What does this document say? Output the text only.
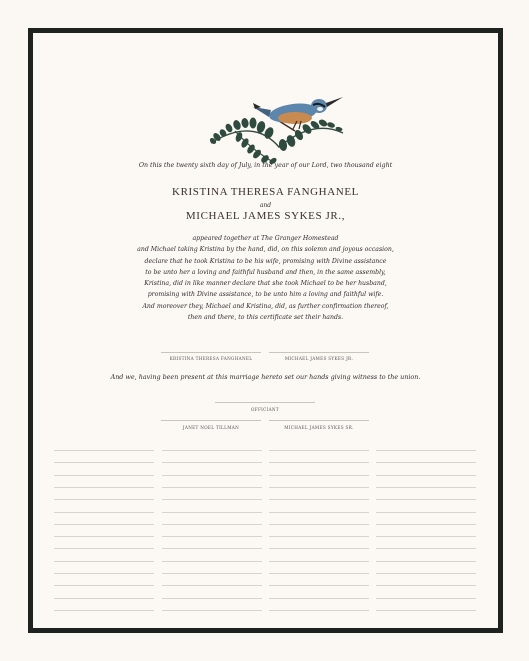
On this the twenty sixth day of July, in the year of our Lord, two thousand eight
KRISTINA THERESA FANGHANEL
and
MICHAEL JAMES SYKES JR.,
appeared together at The Granger Homestead
and Michael taking Kristina by the hand, did, on this solemn and joyous occasion,
declare that he took Kristina to be his wife, promising with Divine assistance
to be unto her a loving and faithful husband and then, in the same assembly,
Kristina, did in like manner declare that she took Michael to be her husband,
promising with Divine assistance, to be unto him a loving and faithful wife.
And moreover they, Michael and Kristina, did, as further confirmation thereof,
then and there, to this certificate set their hands.
KRISTINA THERESA FANGHANEL	MICHAEL JAMES SYKES JR.
And we, having been present at this marriage hereto set our hands giving witness to the union.
OFFICIANT
JANET NOEL TILLMAN	MICHAEL JAMES SYKES SR.
